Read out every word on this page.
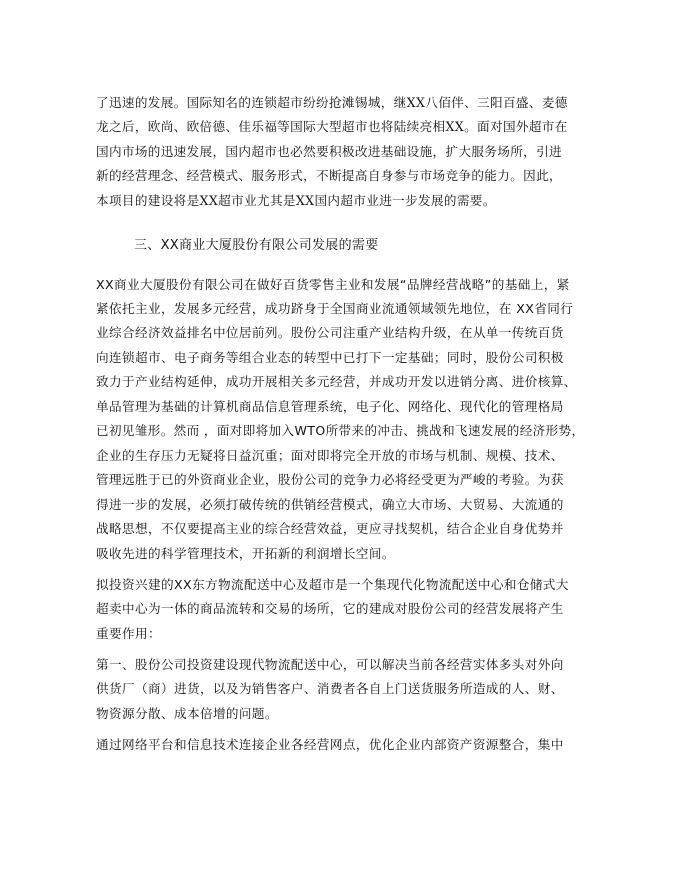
了迅速的发展。国际知名的连锁超市纷纷抢滩锡城，继XX八佰伴、三阳百盛、麦德

龙之后，欧尚、欧倍德、佳乐福等国际大型超市也将陆续亮相XX。面对国外超市在

国内市场的迅速发展，国内超市也必然要积极改进基础设施，扩大服务场所，引进

新的经营理念、经营模式、服务形式，不断提高自身参与市场竞争的能力。因此，

本项目的建设将是XX超市业尤其是XX国内超市业进一步发展的需要。

三、XX商业大厦股份有限公司发展的需要

XX商业大厦股份有限公司在做好百货零售主业和发展“品牌经营战略”的基础上，紧

紧依托主业，发展多元经营，成功跻身于全国商业流通领域领先地位，在 XX省同行

业综合经济效益排名中位居前列。股份公司注重产业结构升级，在从单一传统百货

向连锁超市、电子商务等组合业态的转型中已打下一定基础；同时，股份公司积极

致力于产业结构延伸，成功开展相关多元经营，并成功开发以进销分离、进价核算、

单品管理为基础的计算机商品信息管理系统，电子化、网络化、现代化的管理格局

已初见雏形。然而 ，面对即将加入WTO所带来的冲击、挑战和飞速发展的经济形势，

企业的生存压力无疑将日益沉重；面对即将完全开放的市场与机制、规模、技术、

管理远胜于已的外资商业企业，股份公司的竞争力必将经受更为严峻的考验。为获

得进一步的发展，必须打破传统的供销经营模式，确立大市场、大贸易、大流通的

战略思想，不仅要提高主业的综合经营效益，更应寻找契机，结合企业自身优势并

吸收先进的科学管理技术，开拓新的利润增长空间。

拟投资兴建的XX东方物流配送中心及超市是一个集现代化物流配送中心和仓储式大

超卖中心为一体的商品流转和交易的场所，它的建成对股份公司的经营发展将产生

重要作用：

第一、股份公司投资建设现代物流配送中心，可以解决当前各经营实体多头对外向

供货厂（商）进货，以及为销售客户、消费者各自上门送货服务所造成的人、财、

物资源分散、成本倍增的问题。

通过网络平台和信息技术连接企业各经营网点，优化企业内部资产资源整合，集中
